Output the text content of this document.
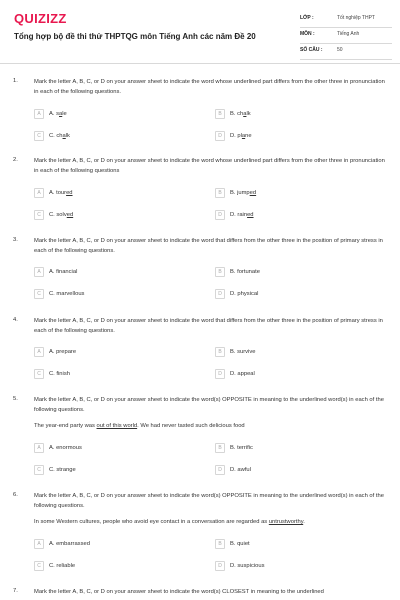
QUIZIZZ
Tổng hợp bộ đề thi thử THPTQG môn Tiếng Anh các năm Đề 20
LỚP :	Tốt nghiệp THPT
MÔN :	Tiếng Anh
SỐ CÂU :	50
1.	Mark the letter A, B, C, or D on your answer sheet to indicate the word whose underlined part differs from the other three in pronunciation in each of the following questions.
A	A. sale	B	B. chalk
C	C. chalk	D	D. plane
2.	Mark the letter A, B, C, or D on your answer sheet to indicate the word whose underlined part differs from the other three in pronunciation in each of the following questions
A	A. toured	B	B. jumped
C	C. solved	D	D. rained
3.	Mark the letter A, B, C, or D on your answer sheet to indicate the word that differs from the other three in the position of primary stress in each of the following questions.
A	A. financial	B	B. fortunate
C	C. marvellous	D	D. physical
4.	Mark the letter A, B, C, or D on your answer sheet to indicate the word that differs from the other three in the position of primary stress in each of the following questions.
A	A. prepare	B	B. survive
C	C. finish	D	D. appeal
5.	Mark the letter A, B, C, or D on your answer sheet to indicate the word(s) OPPOSITE in meaning to the underlined word(s) in each of the following questions.
The year-end party was out of this world. We had never tasted such delicious food
A	A. enormous	B	B. terrific
C	C. strange	D	D. awful
6.	Mark the letter A, B, C, or D on your answer sheet to indicate the word(s) OPPOSITE in meaning to the underlined word(s) in each of the following questions.
In some Western cultures, people who avoid eye contact in a conversation are regarded as untrustworthy.
A	A. embarrassed	B	B. quiet
C	C. reliable	D	D. suspicious
7.	Mark the letter A, B, C, or D on your answer sheet to indicate the word(s) CLOSEST in meaning to the underlined
